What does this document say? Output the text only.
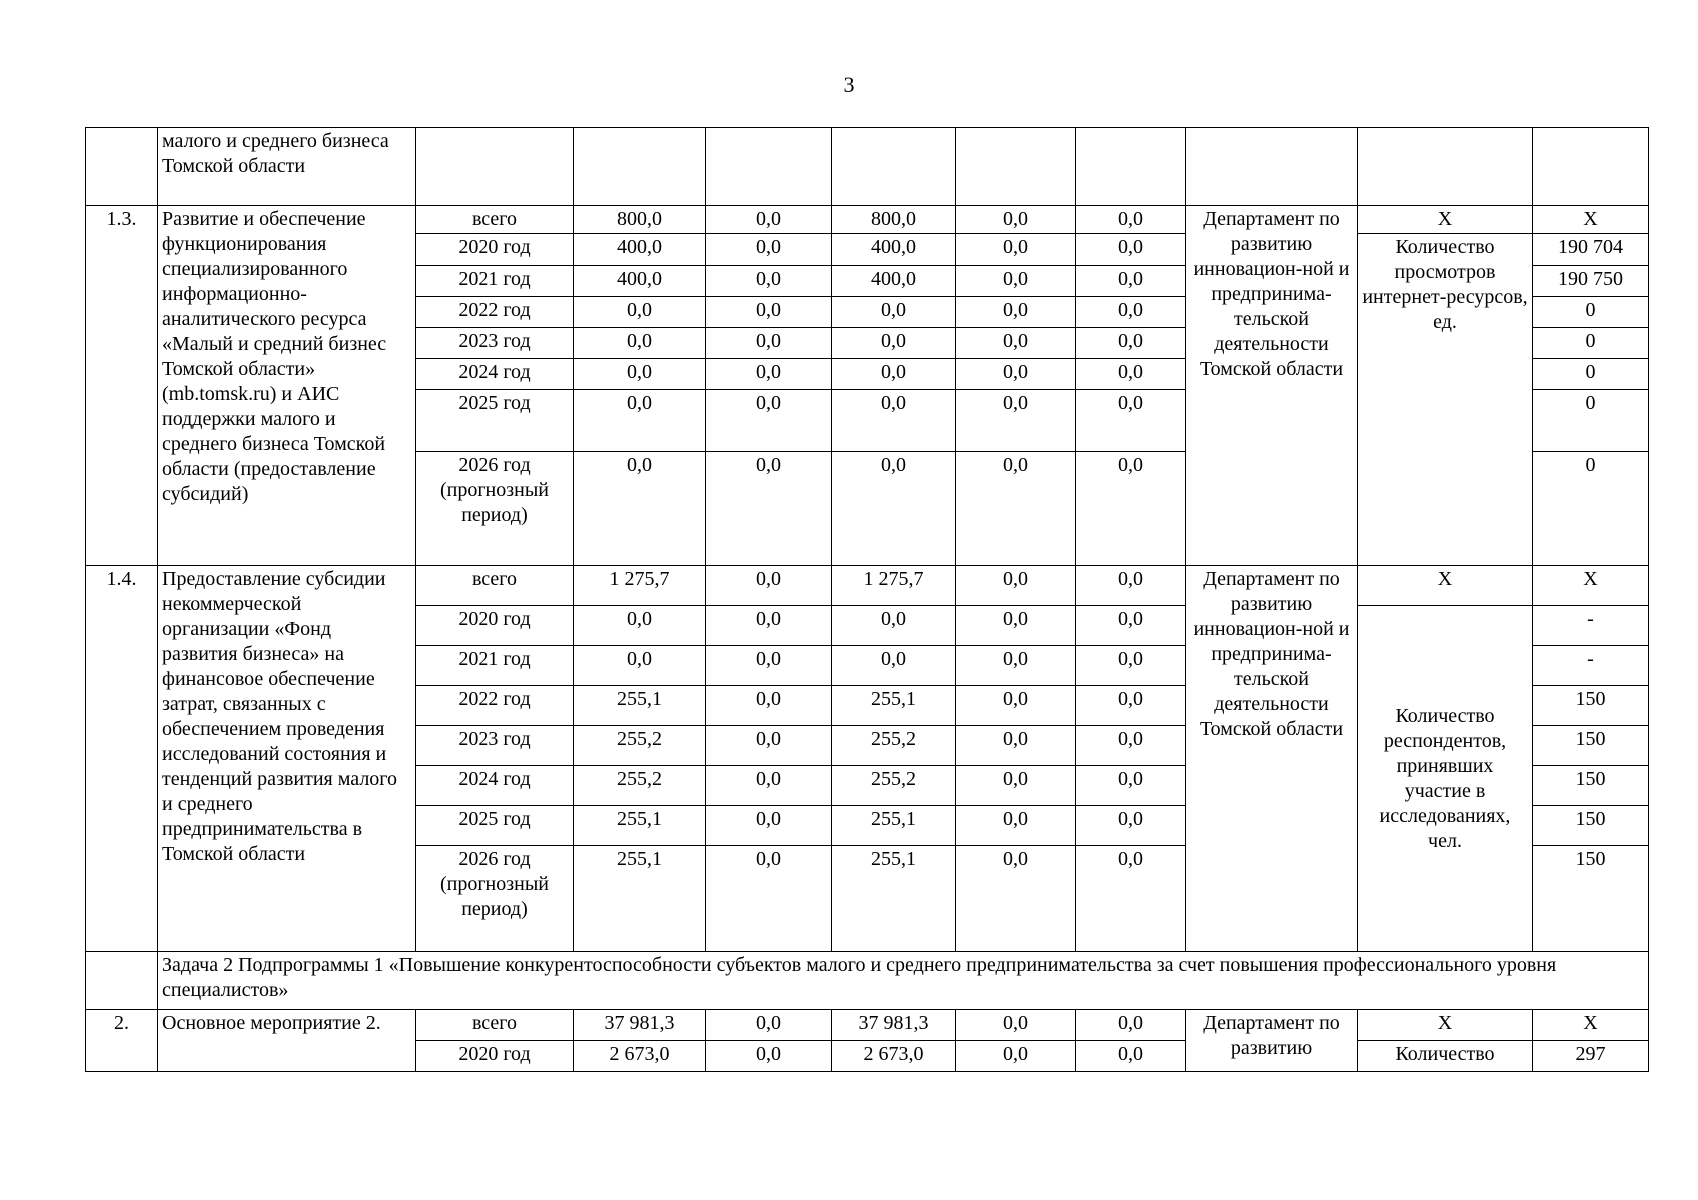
3
	малого и среднего бизнеса Томской области									
1.3.	Развитие и обеспечение функционирования специализированного информационно-аналитического ресурса «Малый и средний бизнес Томской области» (mb.tomsk.ru) и АИС поддержки малого и среднего бизнеса Томской области (предоставление субсидий)	всего	800,0	0,0	800,0	0,0	0,0	Департамент по развитию инновацион-ной и предпринима-тельской деятельности Томской области	Х	Х
		2020 год	400,0	0,0	400,0	0,0	0,0		Количество просмотров интернет-ресурсов, ед.	190 704
		2021 год	400,0	0,0	400,0	0,0	0,0			190 750
		2022 год	0,0	0,0	0,0	0,0	0,0			0
		2023 год	0,0	0,0	0,0	0,0	0,0			0
		2024 год	0,0	0,0	0,0	0,0	0,0			0
		2025 год	0,0	0,0	0,0	0,0	0,0			0
		2026 год (прогнозный период)	0,0	0,0	0,0	0,0	0,0			0
1.4.	Предоставление субсидии некоммерческой организации «Фонд развития бизнеса» на финансовое обеспечение затрат, связанных с обеспечением проведения исследований состояния и тенденций развития малого и среднего предпринимательства в Томской области	всего	1 275,7	0,0	1 275,7	0,0	0,0	Департамент по развитию инновацион-ной и предпринима-тельской деятельности Томской области	Х	Х
		2020 год	0,0	0,0	0,0	0,0	0,0		Количество респондентов, принявших участие в исследованиях, чел.	-
		2021 год	0,0	0,0	0,0	0,0	0,0			-
		2022 год	255,1	0,0	255,1	0,0	0,0			150
		2023 год	255,2	0,0	255,2	0,0	0,0			150
		2024 год	255,2	0,0	255,2	0,0	0,0			150
		2025 год	255,1	0,0	255,1	0,0	0,0			150
		2026 год (прогнозный период)	255,1	0,0	255,1	0,0	0,0			150
	Задача 2 Подпрограммы 1 «Повышение конкурентоспособности субъектов малого и среднего предпринимательства за счет повышения профессионального уровня специалистов»									
2.	Основное мероприятие 2.	всего	37 981,3	0,0	37 981,3	0,0	0,0	Департамент по развитию	Х	Х
		2020 год	2 673,0	0,0	2 673,0	0,0	0,0		Количество	297
